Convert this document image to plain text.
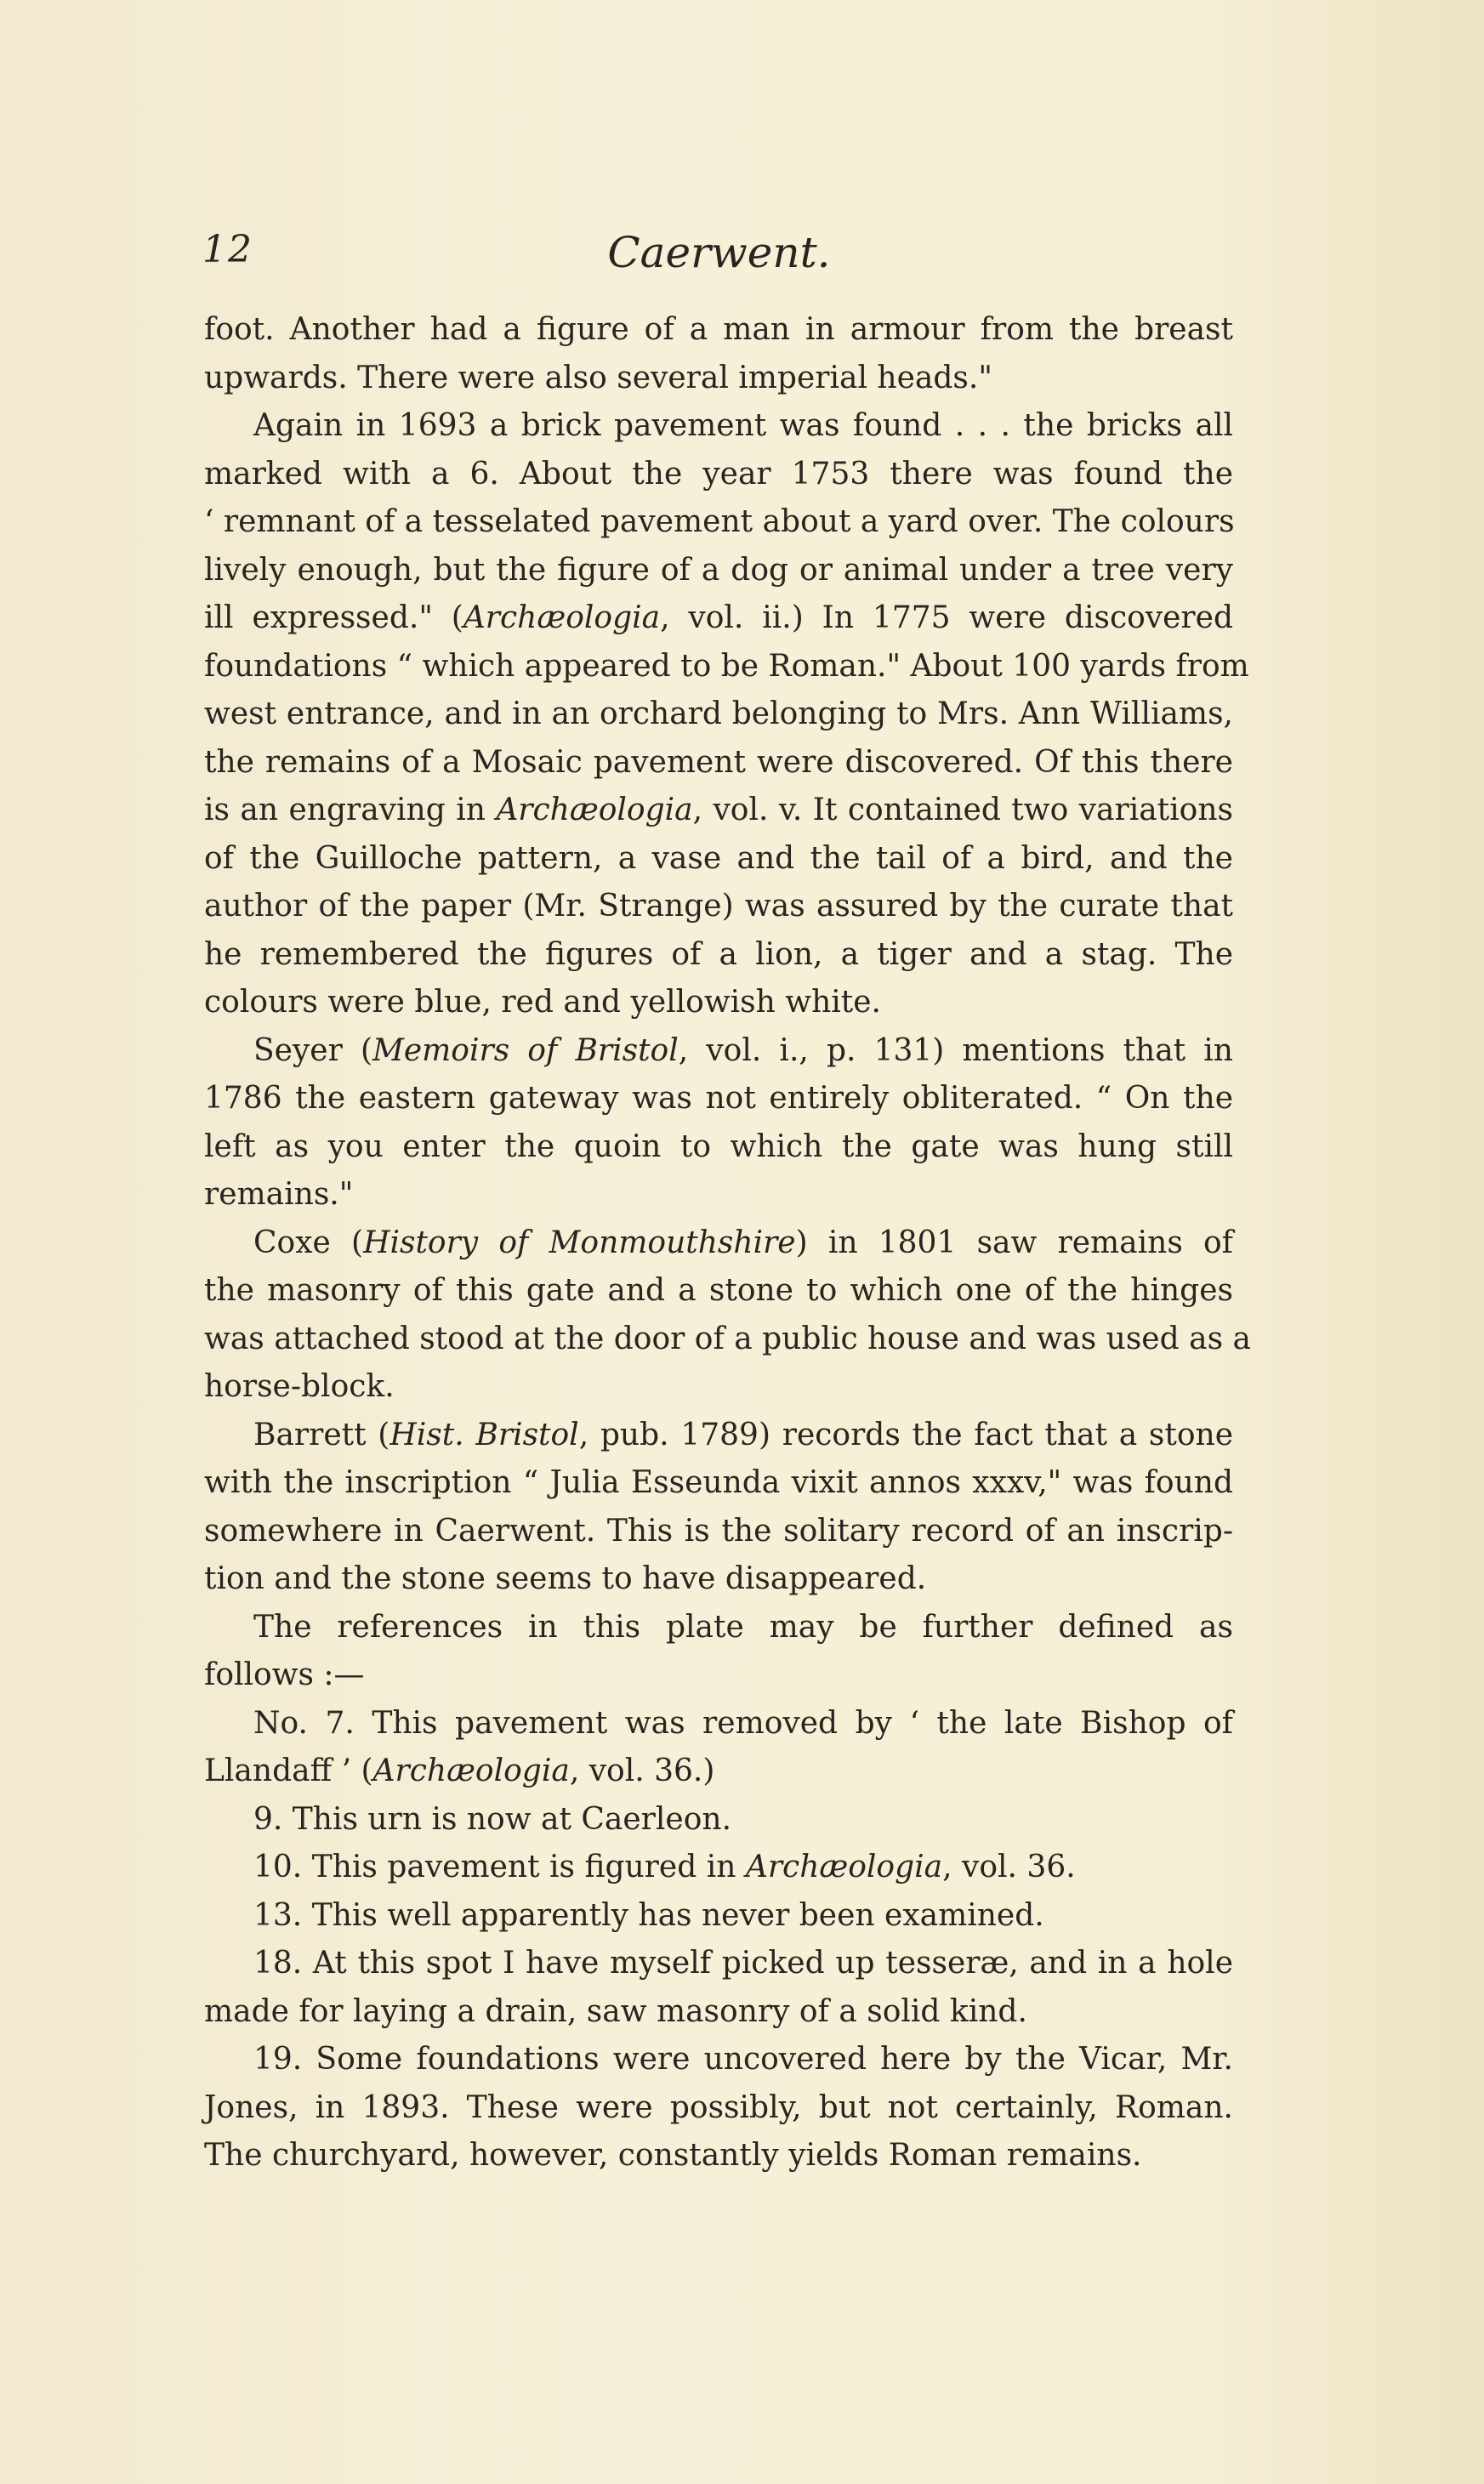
12	Caerwent.
foot. Another had a figure of a man in armour from the breast
upwards. There were also several imperial heads."
Again in 1693 a brick pavement was found . . . the bricks all
marked with a 6. About the year 1753 there was found the
‘ remnant of a tesselated pavement about a yard over. The colours
lively enough, but the figure of a dog or animal under a tree very
ill expressed." (Archæologia, vol. ii.) In 1775 were discovered
foundations “ which appeared to be Roman." About 100 yards from
west entrance, and in an orchard belonging to Mrs. Ann Williams,
the remains of a Mosaic pavement were discovered. Of this there
is an engraving in Archæologia, vol. v. It contained two variations
of the Guilloche pattern, a vase and the tail of a bird, and the
author of the paper (Mr. Strange) was assured by the curate that
he remembered the figures of a lion, a tiger and a stag. The
colours were blue, red and yellowish white.
Seyer (Memoirs of Bristol, vol. i., p. 131) mentions that in
1786 the eastern gateway was not entirely obliterated. “ On the
left as you enter the quoin to which the gate was hung still
remains."
Coxe (History of Monmouthshire) in 1801 saw remains of
the masonry of this gate and a stone to which one of the hinges
was attached stood at the door of a public house and was used as a
horse-block.
Barrett (Hist. Bristol, pub. 1789) records the fact that a stone
with the inscription “ Julia Esseunda vixit annos xxxv," was found
somewhere in Caerwent. This is the solitary record of an inscrip-
tion and the stone seems to have disappeared.
The references in this plate may be further defined as
follows :—
No. 7. This pavement was removed by ‘ the late Bishop of
Llandaff ’ (Archæologia, vol. 36.)
9. This urn is now at Caerleon.
10. This pavement is figured in Archæologia, vol. 36.
13. This well apparently has never been examined.
18. At this spot I have myself picked up tesseræ, and in a hole
made for laying a drain, saw masonry of a solid kind.
19. Some foundations were uncovered here by the Vicar, Mr.
Jones, in 1893. These were possibly, but not certainly, Roman.
The churchyard, however, constantly yields Roman remains.
